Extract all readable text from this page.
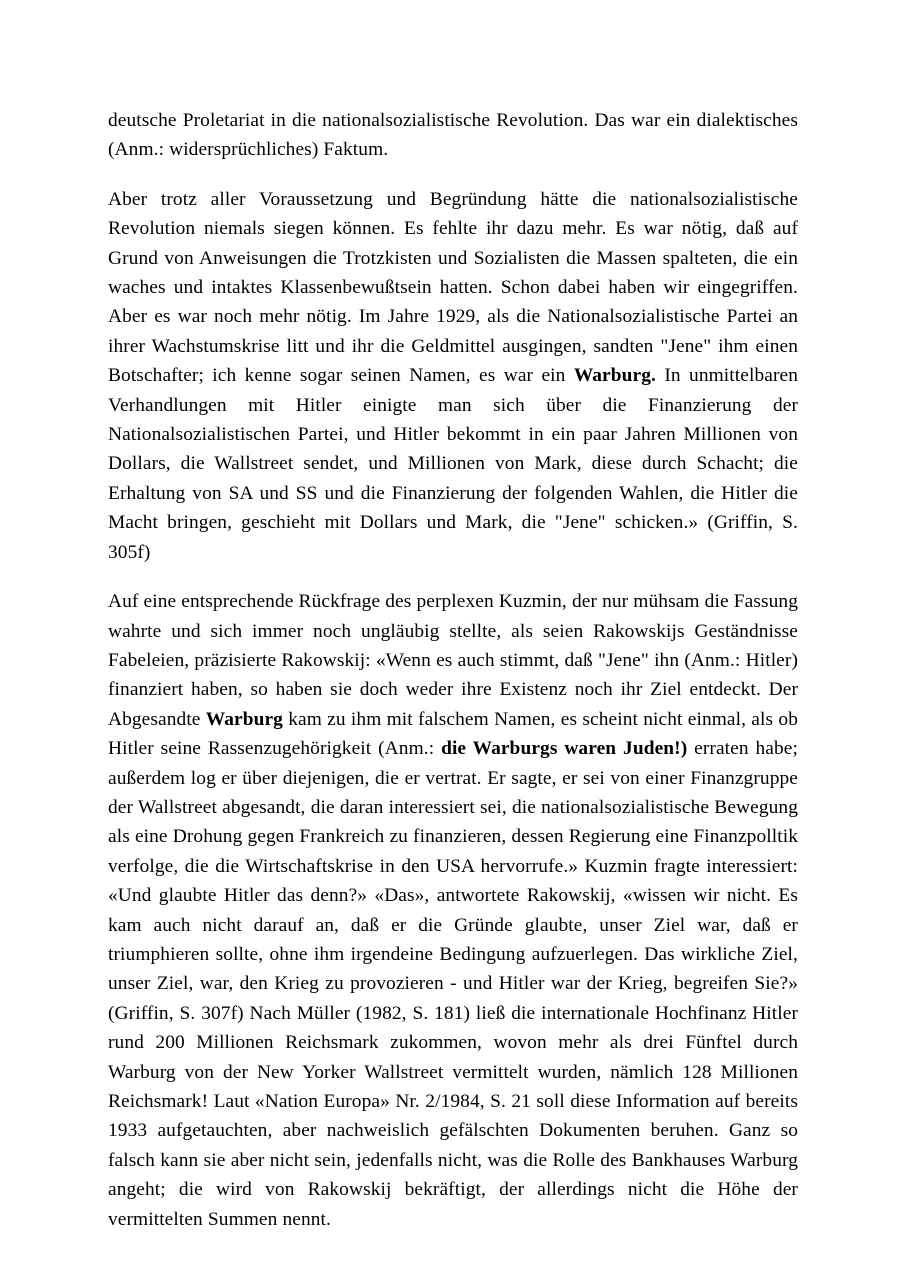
deutsche Proletariat in die nationalsozialistische Revolution. Das war ein dialektisches (Anm.: widersprüchliches) Faktum.

Aber trotz aller Voraussetzung und Begründung hätte die nationalsozialistische Revolution niemals siegen können. Es fehlte ihr dazu mehr. Es war nötig, daß auf Grund von Anweisungen die Trotzkisten und Sozialisten die Massen spalteten, die ein waches und intaktes Klassenbewußtsein hatten. Schon dabei haben wir eingegriffen. Aber es war noch mehr nötig. Im Jahre 1929, als die Nationalsozialistische Partei an ihrer Wachstumskrise litt und ihr die Geldmittel ausgingen, sandten "Jene" ihm einen Botschafter; ich kenne sogar seinen Namen, es war ein Warburg. In unmittelbaren Verhandlungen mit Hitler einigte man sich über die Finanzierung der Nationalsozialistischen Partei, und Hitler bekommt in ein paar Jahren Millionen von Dollars, die Wallstreet sendet, und Millionen von Mark, diese durch Schacht; die Erhaltung von SA und SS und die Finanzierung der folgenden Wahlen, die Hitler die Macht bringen, geschieht mit Dollars und Mark, die "Jene" schicken.» (Griffin, S. 305f)

Auf eine entsprechende Rückfrage des perplexen Kuzmin, der nur mühsam die Fassung wahrte und sich immer noch ungläubig stellte, als seien Rakowskijs Geständnisse Fabeleien, präzisierte Rakowskij: «Wenn es auch stimmt, daß "Jene" ihn (Anm.: Hitler) finanziert haben, so haben sie doch weder ihre Existenz noch ihr Ziel entdeckt. Der Abgesandte Warburg kam zu ihm mit falschem Namen, es scheint nicht einmal, als ob Hitler seine Rassenzugehörigkeit (Anm.: die Warburgs waren Juden!) erraten habe; außerdem log er über diejenigen, die er vertrat. Er sagte, er sei von einer Finanzgruppe der Wallstreet abgesandt, die daran interessiert sei, die nationalsozialistische Bewegung als eine Drohung gegen Frankreich zu finanzieren, dessen Regierung eine Finanzpolltik verfolge, die die Wirtschaftskrise in den USA hervorrufe.» Kuzmin fragte interessiert: «Und glaubte Hitler das denn?» «Das», antwortete Rakowskij, «wissen wir nicht. Es kam auch nicht darauf an, daß er die Gründe glaubte, unser Ziel war, daß er triumphieren sollte, ohne ihm irgendeine Bedingung aufzuerlegen. Das wirkliche Ziel, unser Ziel, war, den Krieg zu provozieren - und Hitler war der Krieg, begreifen Sie?» (Griffin, S. 307f) Nach Müller (1982, S. 181) ließ die internationale Hochfinanz Hitler rund 200 Millionen Reichsmark zukommen, wovon mehr als drei Fünftel durch Warburg von der New Yorker Wallstreet vermittelt wurden, nämlich 128 Millionen Reichsmark! Laut «Nation Europa» Nr. 2/1984, S. 21 soll diese Information auf bereits 1933 aufgetauchten, aber nachweislich gefälschten Dokumenten beruhen. Ganz so falsch kann sie aber nicht sein, jedenfalls nicht, was die Rolle des Bankhauses Warburg angeht; die wird von Rakowskij bekräftigt, der allerdings nicht die Höhe der vermittelten Summen nennt.
